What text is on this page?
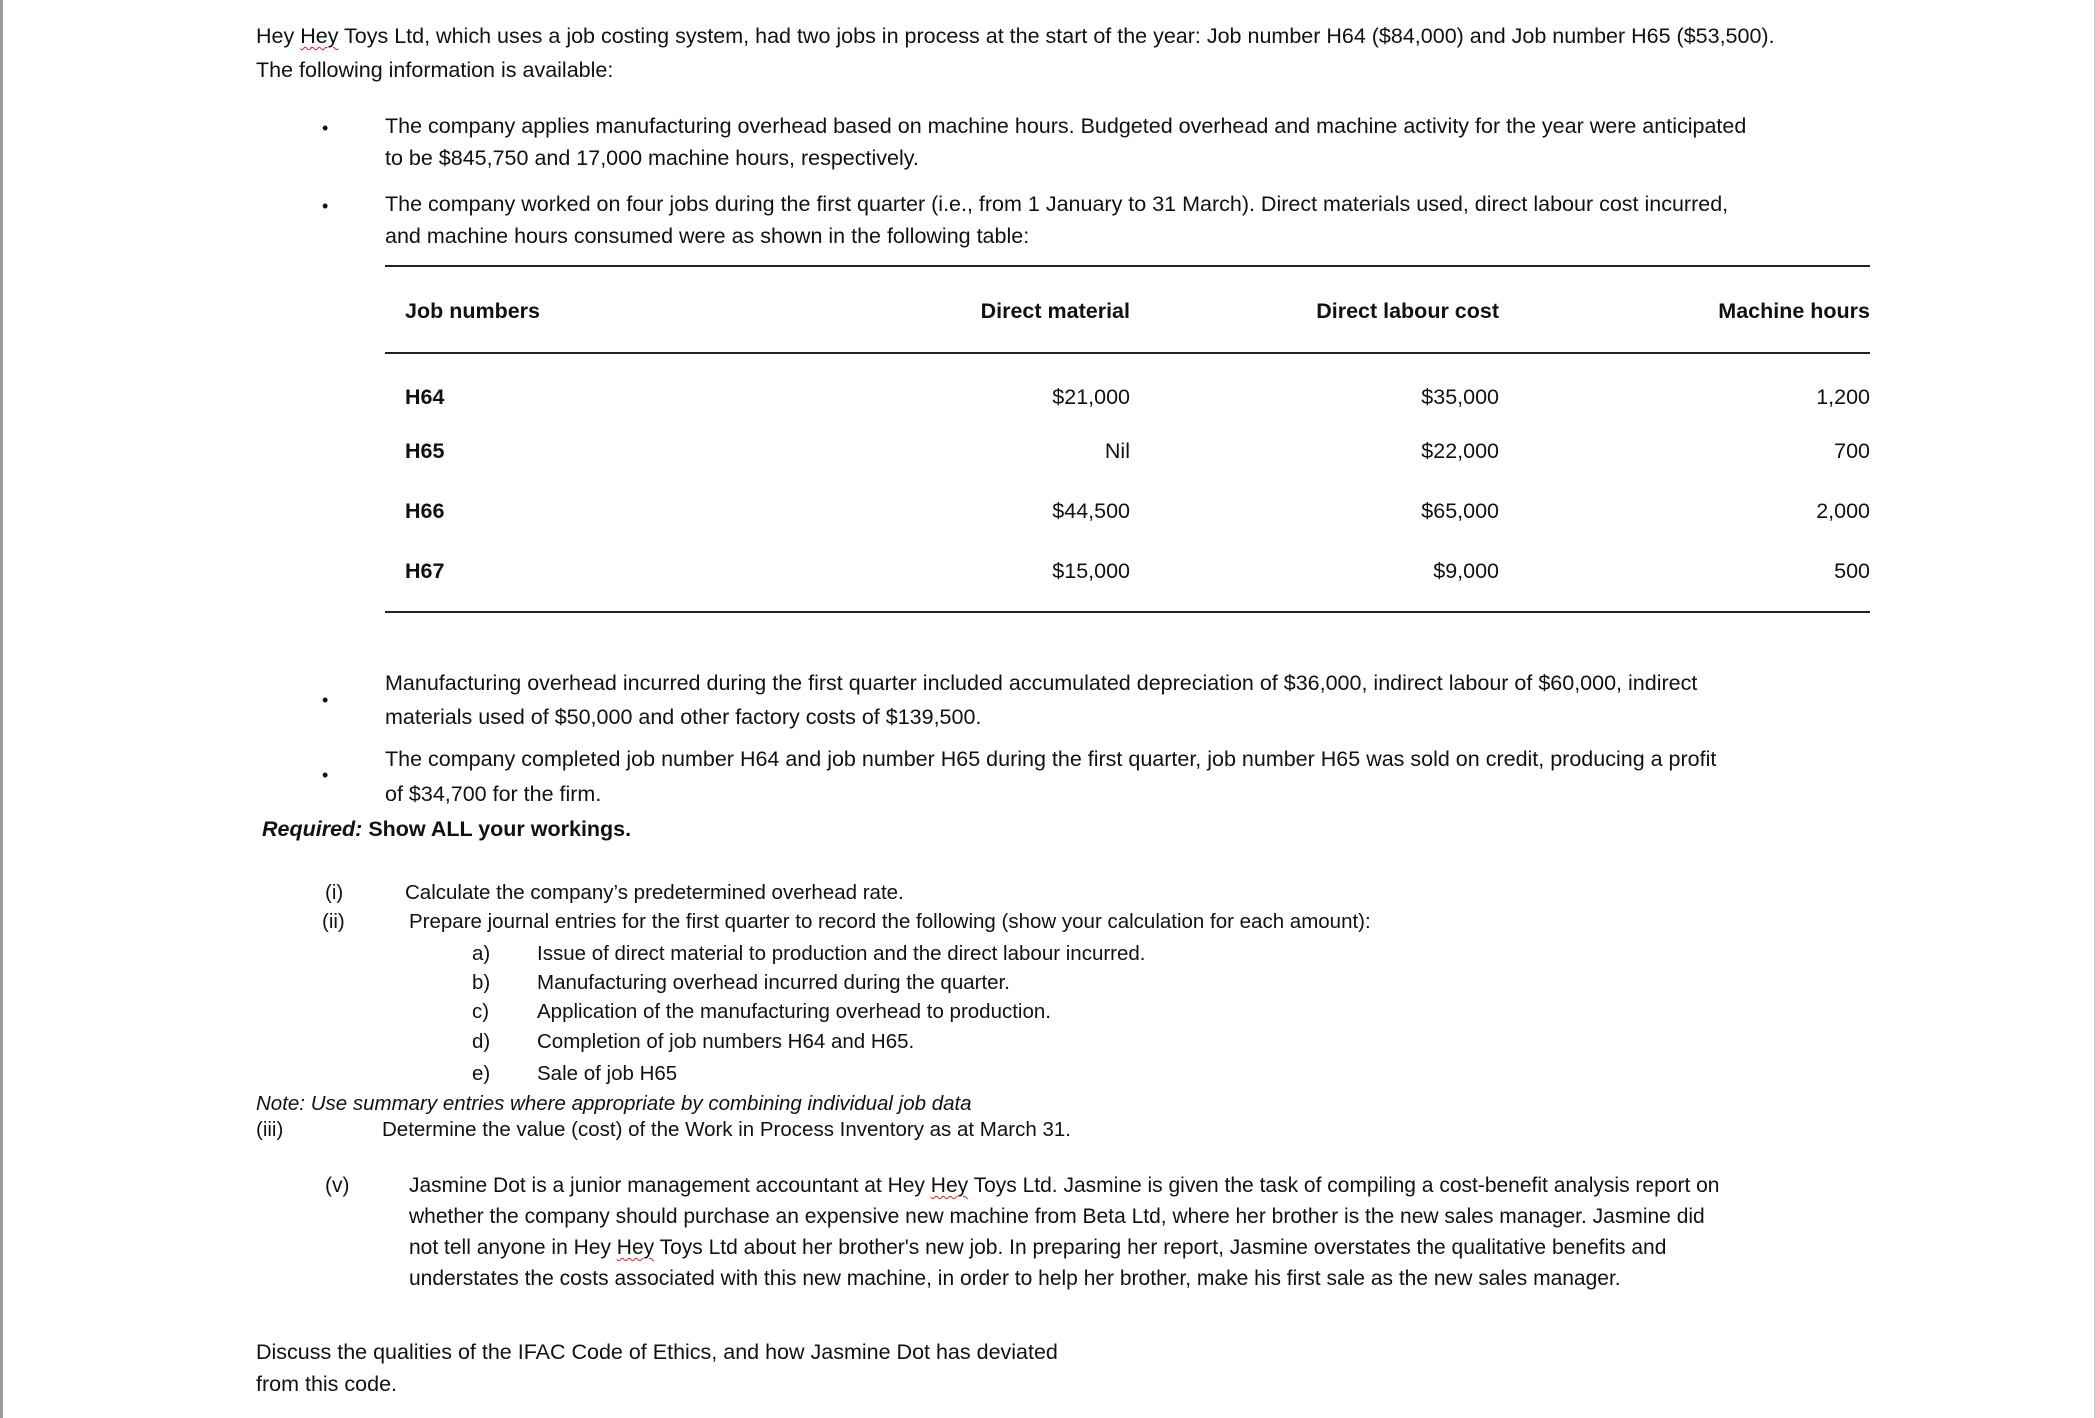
Hey Hey Toys Ltd, which uses a job costing system, had two jobs in process at the start of the year: Job number H64 ($84,000) and Job number H65 ($53,500).
The following information is available:
•	The company applies manufacturing overhead based on machine hours. Budgeted overhead and machine activity for the year were anticipated
to be $845,750 and 17,000 machine hours, respectively.
•	The company worked on four jobs during the first quarter (i.e., from 1 January to 31 March). Direct materials used, direct labour cost incurred,
and machine hours consumed were as shown in the following table:
Job numbers	Direct material	Direct labour cost	Machine hours
H64	$21,000	$35,000	1,200
H65	Nil	$22,000	700
H66	$44,500	$65,000	2,000
H67	$15,000	$9,000	500
•
Manufacturing overhead incurred during the first quarter included accumulated depreciation of $36,000, indirect labour of $60,000, indirect
materials used of $50,000 and other factory costs of $139,500.
•
The company completed job number H64 and job number H65 during the first quarter, job number H65 was sold on credit, producing a profit
of $34,700 for the firm.
Required: Show ALL your workings.
(i)	Calculate the company’s predetermined overhead rate.
(ii)	Prepare journal entries for the first quarter to record the following (show your calculation for each amount):
a) Issue of direct material to production and the direct labour incurred.
b) Manufacturing overhead incurred during the quarter.
c) Application of the manufacturing overhead to production.
d) Completion of job numbers H64 and H65.
e) Sale of job H65
Note: Use summary entries where appropriate by combining individual job data
(iii)	Determine the value (cost) of the Work in Process Inventory as at March 31.
(v)	Jasmine Dot is a junior management accountant at Hey Hey Toys Ltd. Jasmine is given the task of compiling a cost-benefit analysis report on
whether the company should purchase an expensive new machine from Beta Ltd, where her brother is the new sales manager. Jasmine did
not tell anyone in Hey Hey Toys Ltd about her brother's new job. In preparing her report, Jasmine overstates the qualitative benefits and
understates the costs associated with this new machine, in order to help her brother, make his first sale as the new sales manager.
Discuss the qualities of the IFAC Code of Ethics, and how Jasmine Dot has deviated
from this code.
